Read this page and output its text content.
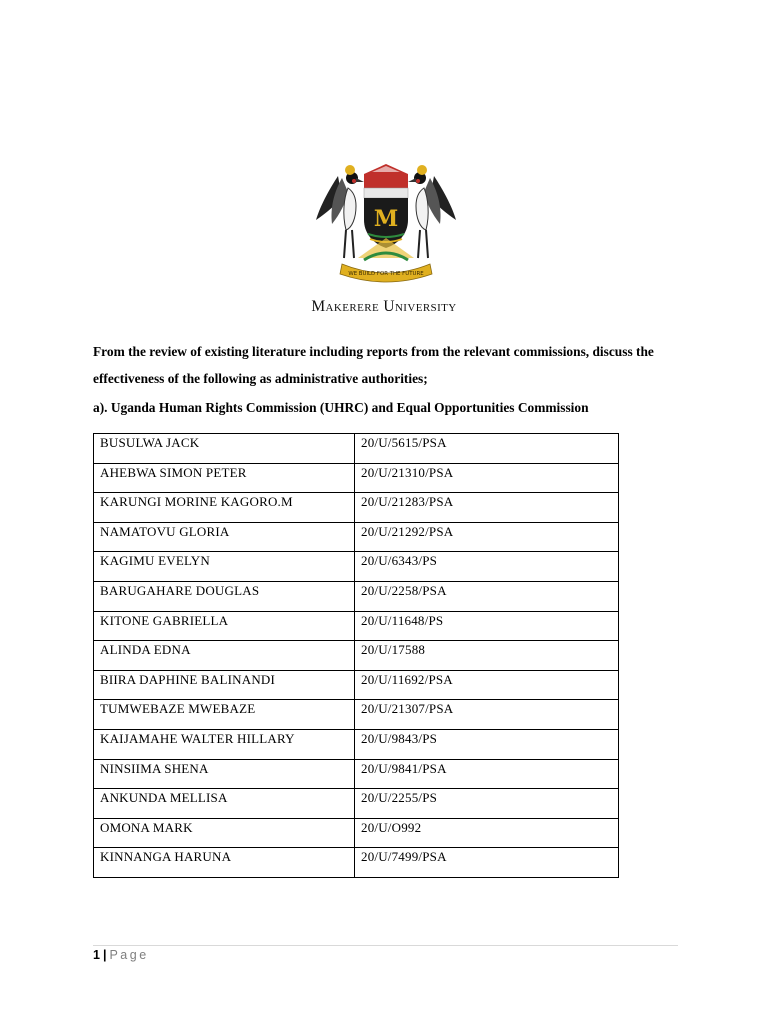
M
WE BUILD FOR THE FUTURE
Makerere University
From the review of existing literature including reports from the relevant commissions, discuss the effectiveness of the following as administrative authorities;
a). Uganda Human Rights Commission (UHRC) and Equal Opportunities Commission
BUSULWA JACK	20/U/5615/PSA
AHEBWA SIMON PETER	20/U/21310/PSA
KARUNGI MORINE KAGORO.M	20/U/21283/PSA
NAMATOVU GLORIA	20/U/21292/PSA
KAGIMU EVELYN	20/U/6343/PS
BARUGAHARE DOUGLAS	20/U/2258/PSA
KITONE GABRIELLA	20/U/11648/PS
ALINDA EDNA	20/U/17588
BIIRA DAPHINE BALINANDI	20/U/11692/PSA
TUMWEBAZE MWEBAZE	20/U/21307/PSA
KAIJAMAHE WALTER HILLARY	20/U/9843/PS
NINSIIMA SHENA	20/U/9841/PSA
ANKUNDA MELLISA	20/U/2255/PS
OMONA MARK	20/U/O992
KINNANGA HARUNA	20/U/7499/PSA
1 | Page
